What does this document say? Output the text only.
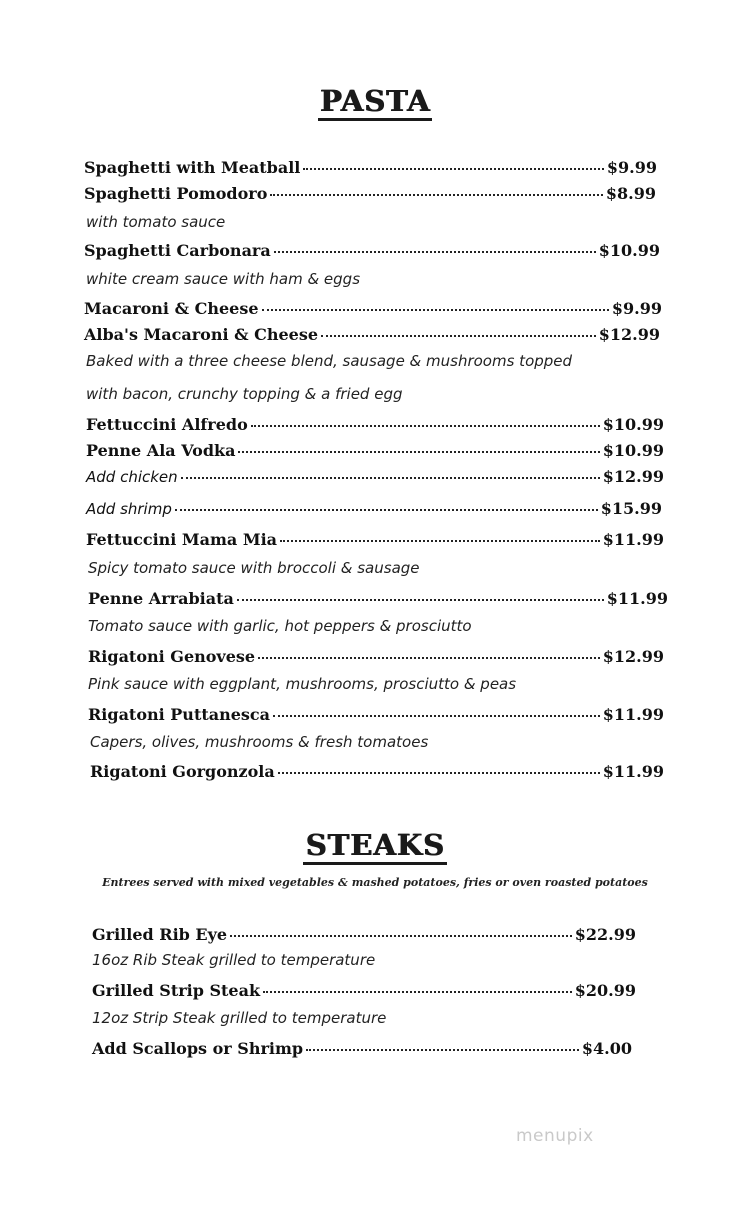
PASTA
Spaghetti with Meatball	$9.99
Spaghetti Pomodoro	$8.99
with tomato sauce
Spaghetti Carbonara	$10.99
white cream sauce with ham & eggs
Macaroni & Cheese	$9.99
Alba's Macaroni & Cheese	$12.99
Baked with a three cheese blend, sausage & mushrooms topped
with bacon, crunchy topping & a fried egg
Fettuccini Alfredo	$10.99
Penne Ala Vodka	$10.99
Add chicken	$12.99
Add shrimp	$15.99
Fettuccini Mama Mia	$11.99
Spicy tomato sauce with broccoli & sausage
Penne Arrabiata	$11.99
Tomato sauce with garlic, hot peppers & prosciutto
Rigatoni Genovese	$12.99
Pink sauce with eggplant, mushrooms, prosciutto & peas
Rigatoni Puttanesca	$11.99
Capers, olives, mushrooms & fresh tomatoes
Rigatoni Gorgonzola	$11.99
STEAKS
Entrees served with mixed vegetables & mashed potatoes, fries or oven roasted potatoes
Grilled Rib Eye	$22.99
16oz Rib Steak grilled to temperature
Grilled Strip Steak	$20.99
12oz Strip Steak grilled to temperature
Add Scallops or Shrimp	$4.00
menupix
